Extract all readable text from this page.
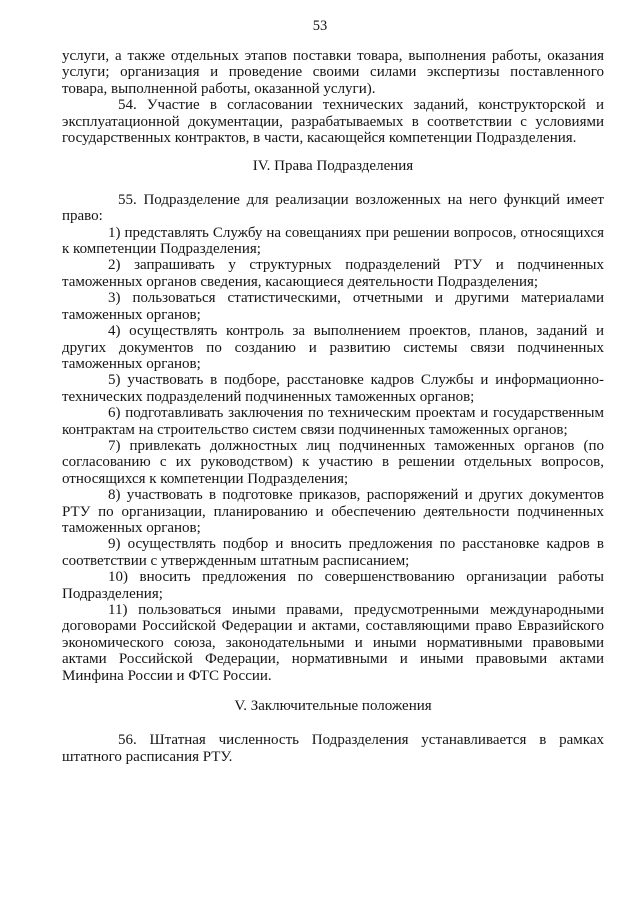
53

услуги, а также отдельных этапов поставки товара, выполнения работы, оказания услуги; организация и проведение своими силами экспертизы поставленного товара, выполненной работы, оказанной услуги).

54. Участие в согласовании технических заданий, конструкторской и эксплуатационной документации, разрабатываемых в соответствии с условиями государственных контрактов, в части, касающейся компетенции Подразделения.

IV. Права Подразделения

55. Подразделение для реализации возложенных на него функций имеет право:

1) представлять Службу на совещаниях при решении вопросов, относящихся к компетенции Подразделения;

2) запрашивать у структурных подразделений РТУ и подчиненных таможенных органов сведения, касающиеся деятельности Подразделения;

3) пользоваться статистическими, отчетными и другими материалами таможенных органов;

4) осуществлять контроль за выполнением проектов, планов, заданий и других документов по созданию и развитию системы связи подчиненных таможенных органов;

5) участвовать в подборе, расстановке кадров Службы и информационно-технических подразделений подчиненных таможенных органов;

6) подготавливать заключения по техническим проектам и государственным контрактам на строительство систем связи подчиненных таможенных органов;

7) привлекать должностных лиц подчиненных таможенных органов (по согласованию с их руководством) к участию в решении отдельных вопросов, относящихся к компетенции Подразделения;

8) участвовать в подготовке приказов, распоряжений и других документов РТУ по организации, планированию и обеспечению деятельности подчиненных таможенных органов;

9) осуществлять подбор и вносить предложения по расстановке кадров в соответствии с утвержденным штатным расписанием;

10) вносить предложения по совершенствованию организации работы Подразделения;

11) пользоваться иными правами, предусмотренными международными договорами Российской Федерации и актами, составляющими право Евразийского экономического союза, законодательными и иными нормативными правовыми актами Российской Федерации, нормативными и иными правовыми актами Минфина России и ФТС России.

V. Заключительные положения

56. Штатная численность Подразделения устанавливается в рамках штатного расписания РТУ.
